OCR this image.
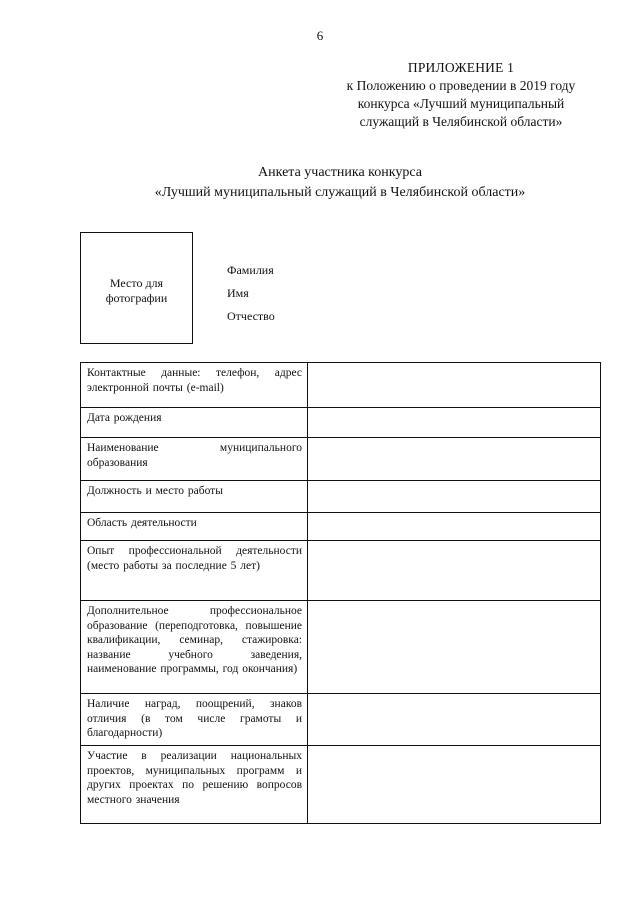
6
ПРИЛОЖЕНИЕ 1
к Положению о проведении в 2019 году
конкурса «Лучший муниципальный
служащий в Челябинской области»
Анкета участника конкурса
«Лучший муниципальный служащий в Челябинской области»
Место для
фотографии
Фамилия
Имя
Отчество
Контактные данные: телефон, адрес электронной почты (e-mail)	
Дата рождения	
Наименование муниципального образования	
Должность и место работы	
Область деятельности	
Опыт профессиональной деятельности (место работы за последние 5 лет)	
Дополнительное профессиональное образование (переподготовка, повышение квалификации, семинар, стажировка: название учебного заведения, наименование программы, год окончания)	
Наличие наград, поощрений, знаков отличия (в том числе грамоты и благодарности)	
Участие в реализации национальных проектов, муниципальных программ и других проектах по решению вопросов местного значения	
